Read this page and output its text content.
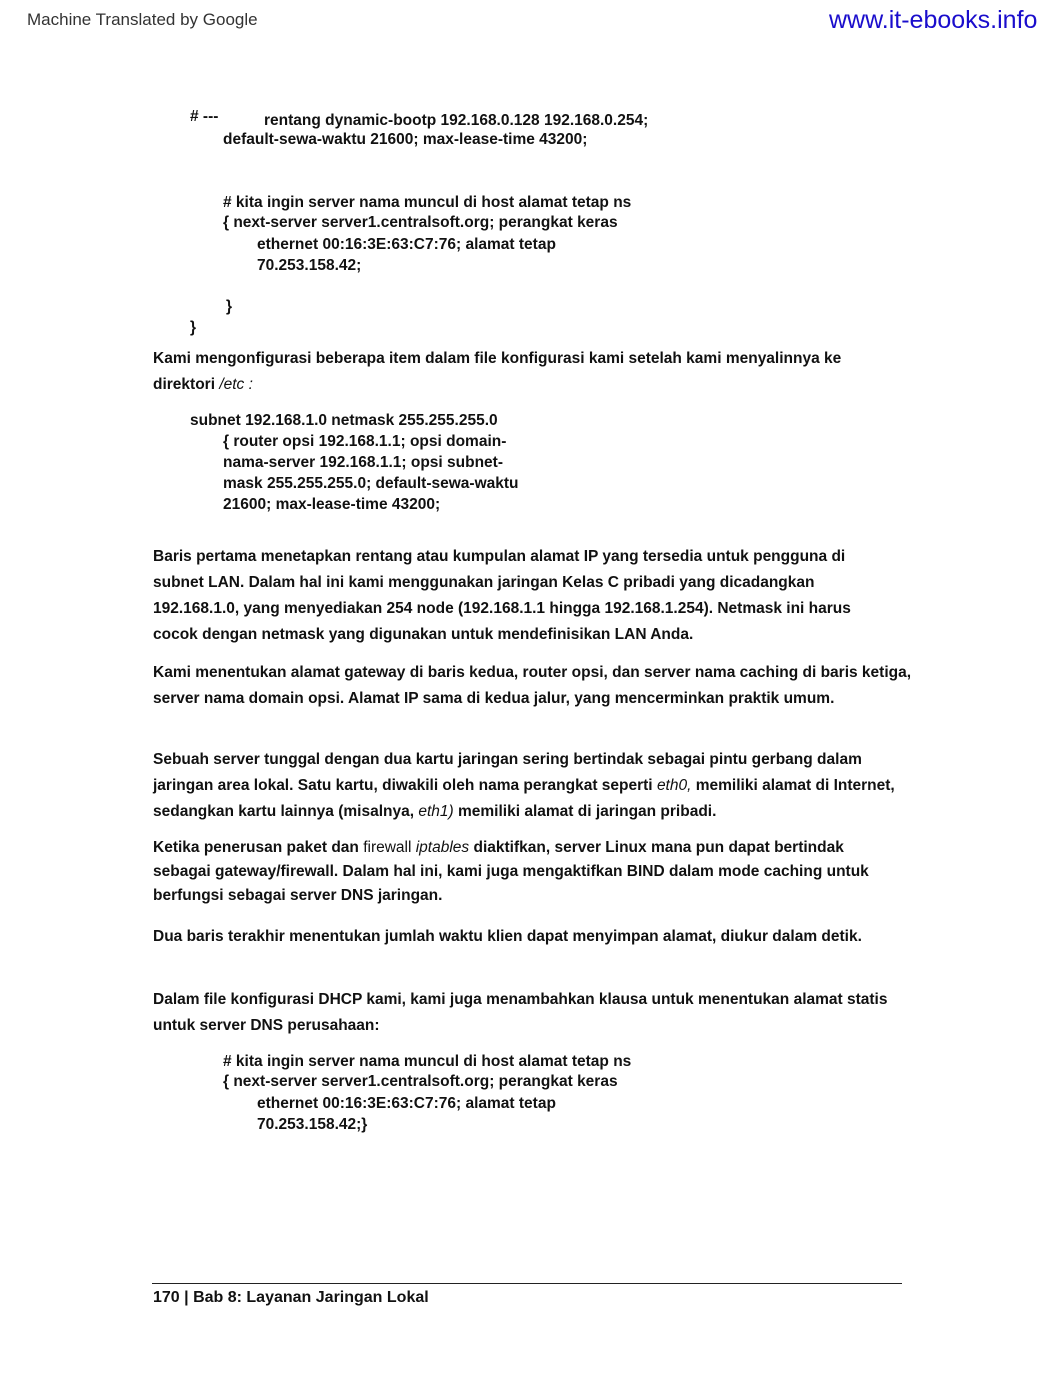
Machine Translated by Google	www.it-ebooks.info
# ---	rentang dynamic-bootp 192.168.0.128 192.168.0.254;
default-sewa-waktu 21600; max-lease-time 43200;
# kita ingin server nama muncul di host alamat tetap ns
{ next-server server1.centralsoft.org; perangkat keras
ethernet 00:16:3E:63:C7:76; alamat tetap
70.253.158.42;
}
}
Kami mengonfigurasi beberapa item dalam file konfigurasi kami setelah kami menyalinnya ke direktori /etc :
subnet 192.168.1.0 netmask 255.255.255.0
{ router opsi 192.168.1.1; opsi domain-
nama-server 192.168.1.1; opsi subnet-
mask 255.255.255.0; default-sewa-waktu
21600; max-lease-time 43200;
Baris pertama menetapkan rentang atau kumpulan alamat IP yang tersedia untuk pengguna di subnet LAN. Dalam hal ini kami menggunakan jaringan Kelas C pribadi yang dicadangkan 192.168.1.0, yang menyediakan 254 node (192.168.1.1 hingga 192.168.1.254). Netmask ini harus cocok dengan netmask yang digunakan untuk mendefinisikan LAN Anda.
Kami menentukan alamat gateway di baris kedua, router opsi, dan server nama caching di baris ketiga, server nama domain opsi. Alamat IP sama di kedua jalur, yang mencerminkan praktik umum.
Sebuah server tunggal dengan dua kartu jaringan sering bertindak sebagai pintu gerbang dalam jaringan area lokal. Satu kartu, diwakili oleh nama perangkat seperti eth0, memiliki alamat di Internet, sedangkan kartu lainnya (misalnya, eth1) memiliki alamat di jaringan pribadi.
Ketika penerusan paket dan firewall iptables diaktifkan, server Linux mana pun dapat bertindak sebagai gateway/firewall. Dalam hal ini, kami juga mengaktifkan BIND dalam mode caching untuk berfungsi sebagai server DNS jaringan.
Dua baris terakhir menentukan jumlah waktu klien dapat menyimpan alamat, diukur dalam detik.
Dalam file konfigurasi DHCP kami, kami juga menambahkan klausa untuk menentukan alamat statis untuk server DNS perusahaan:
# kita ingin server nama muncul di host alamat tetap ns
{ next-server server1.centralsoft.org; perangkat keras
ethernet 00:16:3E:63:C7:76; alamat tetap
70.253.158.42;}
170 | Bab 8: Layanan Jaringan Lokal
